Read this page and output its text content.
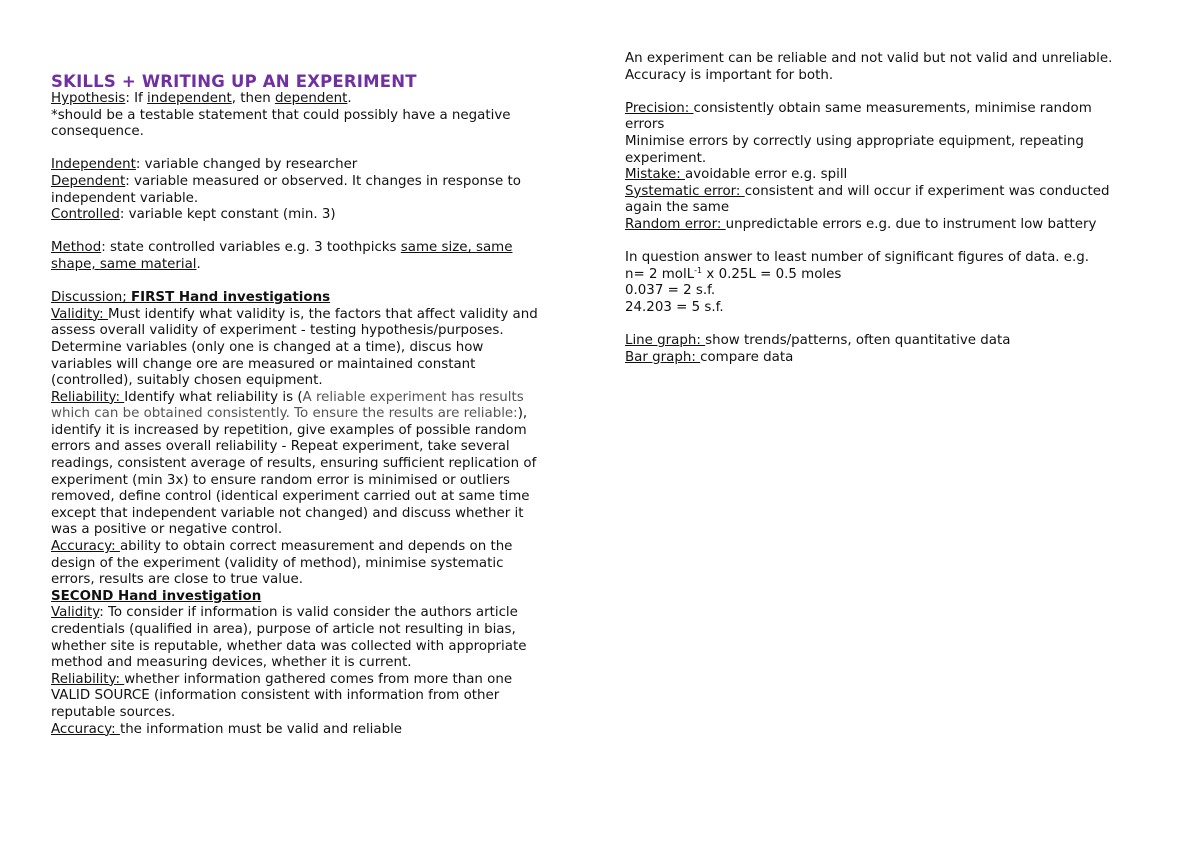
SKILLS + WRITING UP AN EXPERIMENT
Hypothesis: If independent, then dependent.
*should be a testable statement that could possibly have a negative
consequence.
Independent: variable changed by researcher
Dependent: variable measured or observed. It changes in response to
independent variable.
Controlled: variable kept constant (min. 3)
Method: state controlled variables e.g. 3 toothpicks same size, same
shape, same material.
Discussion; FIRST Hand investigations
Validity: Must identify what validity is, the factors that affect validity and
assess overall validity of experiment - testing hypothesis/purposes.
Determine variables (only one is changed at a time), discus how
variables will change ore are measured or maintained constant
(controlled), suitably chosen equipment.
Reliability: Identify what reliability is (A reliable experiment has results
which can be obtained consistently. To ensure the results are reliable:),
identify it is increased by repetition, give examples of possible random
errors and asses overall reliability - Repeat experiment, take several
readings, consistent average of results, ensuring sufficient replication of
experiment (min 3x) to ensure random error is minimised or outliers
removed, define control (identical experiment carried out at same time
except that independent variable not changed) and discuss whether it
was a positive or negative control.
Accuracy: ability to obtain correct measurement and depends on the
design of the experiment (validity of method), minimise systematic
errors, results are close to true value.
SECOND Hand investigation
Validity: To consider if information is valid consider the authors article
credentials (qualified in area), purpose of article not resulting in bias,
whether site is reputable, whether data was collected with appropriate
method and measuring devices, whether it is current.
Reliability: whether information gathered comes from more than one
VALID SOURCE (information consistent with information from other
reputable sources.
Accuracy: the information must be valid and reliable
An experiment can be reliable and not valid but not valid and unreliable.
Accuracy is important for both.
Precision: consistently obtain same measurements, minimise random
errors
Minimise errors by correctly using appropriate equipment, repeating
experiment.
Mistake: avoidable error e.g. spill
Systematic error: consistent and will occur if experiment was conducted
again the same
Random error: unpredictable errors e.g. due to instrument low battery
In question answer to least number of significant figures of data. e.g.
n= 2 molL$^{-1}$ x 0.25L = 0.5 moles
0.037 = 2 s.f.
24.203 = 5 s.f.
Line graph: show trends/patterns, often quantitative data
Bar graph: compare data
